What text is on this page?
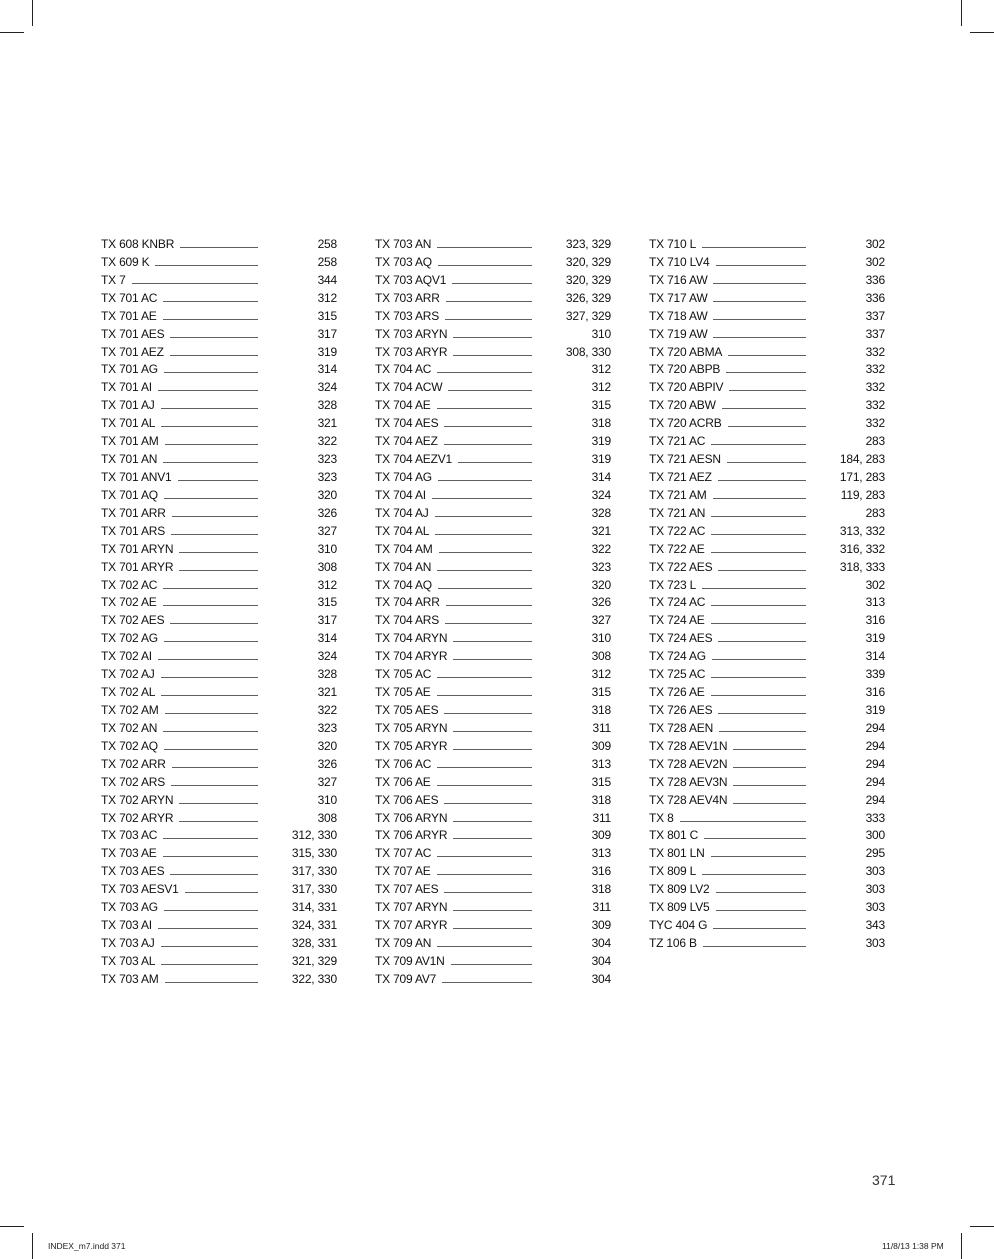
TX 608 KNBR	258
TX 609 K	258
TX 7	344
TX 701 AC	312
TX 701 AE	315
TX 701 AES	317
TX 701 AEZ	319
TX 701 AG	314
TX 701 AI	324
TX 701 AJ	328
TX 701 AL	321
TX 701 AM	322
TX 701 AN	323
TX 701 ANV1	323
TX 701 AQ	320
TX 701 ARR	326
TX 701 ARS	327
TX 701 ARYN	310
TX 701 ARYR	308
TX 702 AC	312
TX 702 AE	315
TX 702 AES	317
TX 702 AG	314
TX 702 AI	324
TX 702 AJ	328
TX 702 AL	321
TX 702 AM	322
TX 702 AN	323
TX 702 AQ	320
TX 702 ARR	326
TX 702 ARS	327
TX 702 ARYN	310
TX 702 ARYR	308
TX 703 AC	312, 330
TX 703 AE	315, 330
TX 703 AES	317, 330
TX 703 AESV1	317, 330
TX 703 AG	314, 331
TX 703 AI	324, 331
TX 703 AJ	328, 331
TX 703 AL	321, 329
TX 703 AM	322, 330
TX 703 AN	323, 329
TX 703 AQ	320, 329
TX 703 AQV1	320, 329
TX 703 ARR	326, 329
TX 703 ARS	327, 329
TX 703 ARYN	310
TX 703 ARYR	308, 330
TX 704 AC	312
TX 704 ACW	312
TX 704 AE	315
TX 704 AES	318
TX 704 AEZ	319
TX 704 AEZV1	319
TX 704 AG	314
TX 704 AI	324
TX 704 AJ	328
TX 704 AL	321
TX 704 AM	322
TX 704 AN	323
TX 704 AQ	320
TX 704 ARR	326
TX 704 ARS	327
TX 704 ARYN	310
TX 704 ARYR	308
TX 705 AC	312
TX 705 AE	315
TX 705 AES	318
TX 705 ARYN	311
TX 705 ARYR	309
TX 706 AC	313
TX 706 AE	315
TX 706 AES	318
TX 706 ARYN	311
TX 706 ARYR	309
TX 707 AC	313
TX 707 AE	316
TX 707 AES	318
TX 707 ARYN	311
TX 707 ARYR	309
TX 709 AN	304
TX 709 AV1N	304
TX 709 AV7	304
TX 710 L	302
TX 710 LV4	302
TX 716 AW	336
TX 717 AW	336
TX 718 AW	337
TX 719 AW	337
TX 720 ABMA	332
TX 720 ABPB	332
TX 720 ABPIV	332
TX 720 ABW	332
TX 720 ACRB	332
TX 721 AC	283
TX 721 AESN	184, 283
TX 721 AEZ	171, 283
TX 721 AM	119, 283
TX 721 AN	283
TX 722 AC	313, 332
TX 722 AE	316, 332
TX 722 AES	318, 333
TX 723 L	302
TX 724 AC	313
TX 724 AE	316
TX 724 AES	319
TX 724 AG	314
TX 725 AC	339
TX 726 AE	316
TX 726 AES	319
TX 728 AEN	294
TX 728 AEV1N	294
TX 728 AEV2N	294
TX 728 AEV3N	294
TX 728 AEV4N	294
TX 8	333
TX 801 C	300
TX 801 LN	295
TX 809 L	303
TX 809 LV2	303
TX 809 LV5	303
TYC 404 G	343
TZ 106 B	303
371
INDEX_m7.indd 371	11/8/13 1:38 PM
